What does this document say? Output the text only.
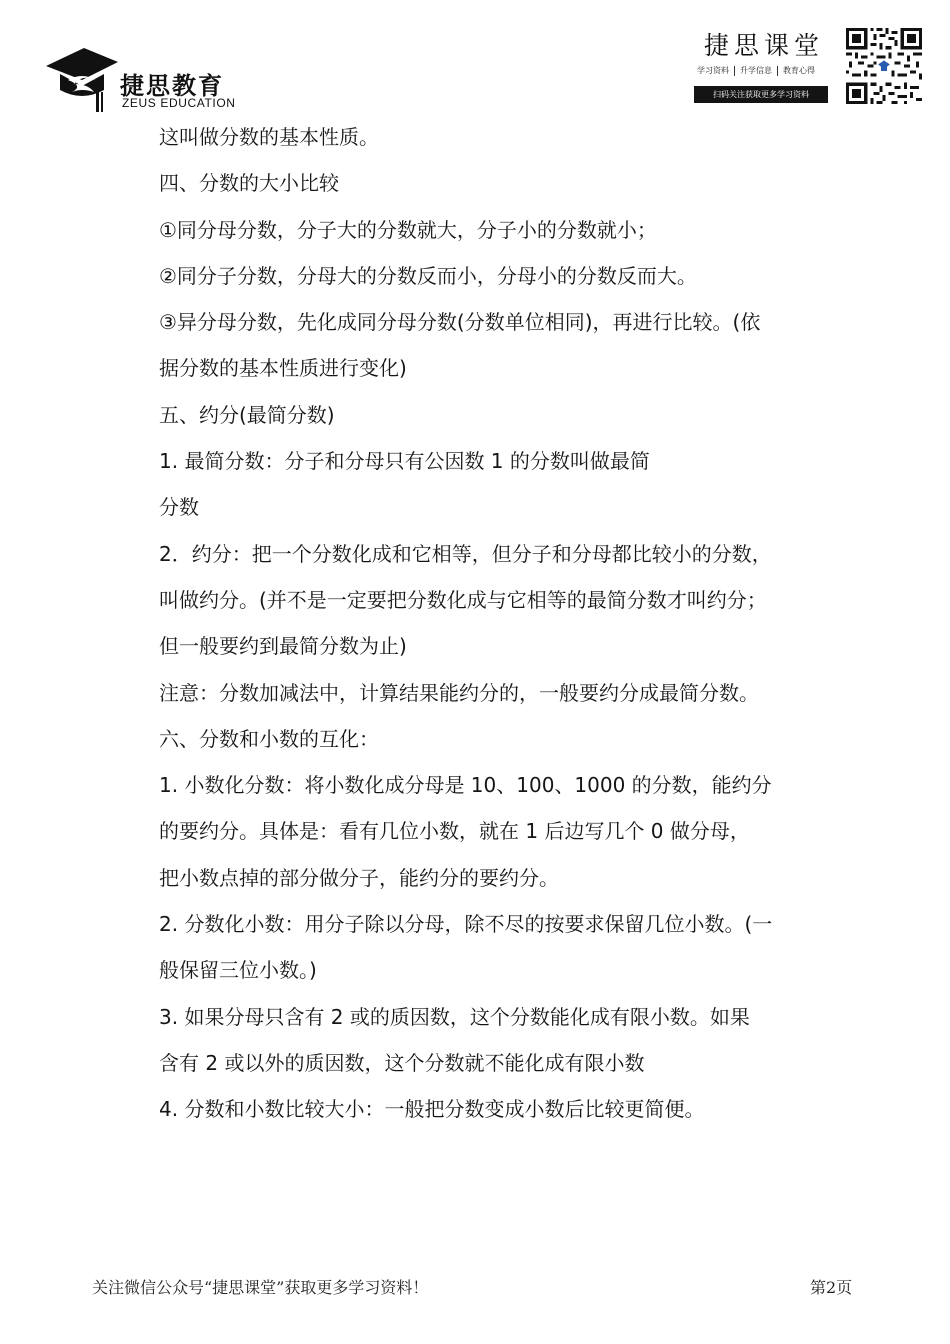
捷思教育
ZEUS EDUCATION
捷思课堂
学习资料	升学信息	教育心得
扫码关注获取更多学习资料
这叫做分数的基本性质。
四、分数的大小比较
①同分母分数，分子大的分数就大，分子小的分数就小；
②同分子分数，分母大的分数反而小，分母小的分数反而大。
③异分母分数，先化成同分母分数(分数单位相同)，再进行比较。(依
据分数的基本性质进行变化)
五、约分(最简分数)
1. 最简分数：分子和分母只有公因数 1 的分数叫做最简
分数
2．约分：把一个分数化成和它相等，但分子和分母都比较小的分数，
叫做约分。(并不是一定要把分数化成与它相等的最简分数才叫约分；
但一般要约到最简分数为止)
注意：分数加减法中，计算结果能约分的，一般要约分成最简分数。
六、分数和小数的互化：
1. 小数化分数：将小数化成分母是 10、100、1000 的分数，能约分
的要约分。具体是：看有几位小数，就在 1 后边写几个 0 做分母，
把小数点掉的部分做分子，能约分的要约分。
2. 分数化小数：用分子除以分母，除不尽的按要求保留几位小数。(一
般保留三位小数。)
3. 如果分母只含有 2 或的质因数，这个分数能化成有限小数。如果
含有 2 或以外的质因数，这个分数就不能化成有限小数
4. 分数和小数比较大小：一般把分数变成小数后比较更简便。
关注微信公众号“捷思课堂”获取更多学习资料！	第2页
